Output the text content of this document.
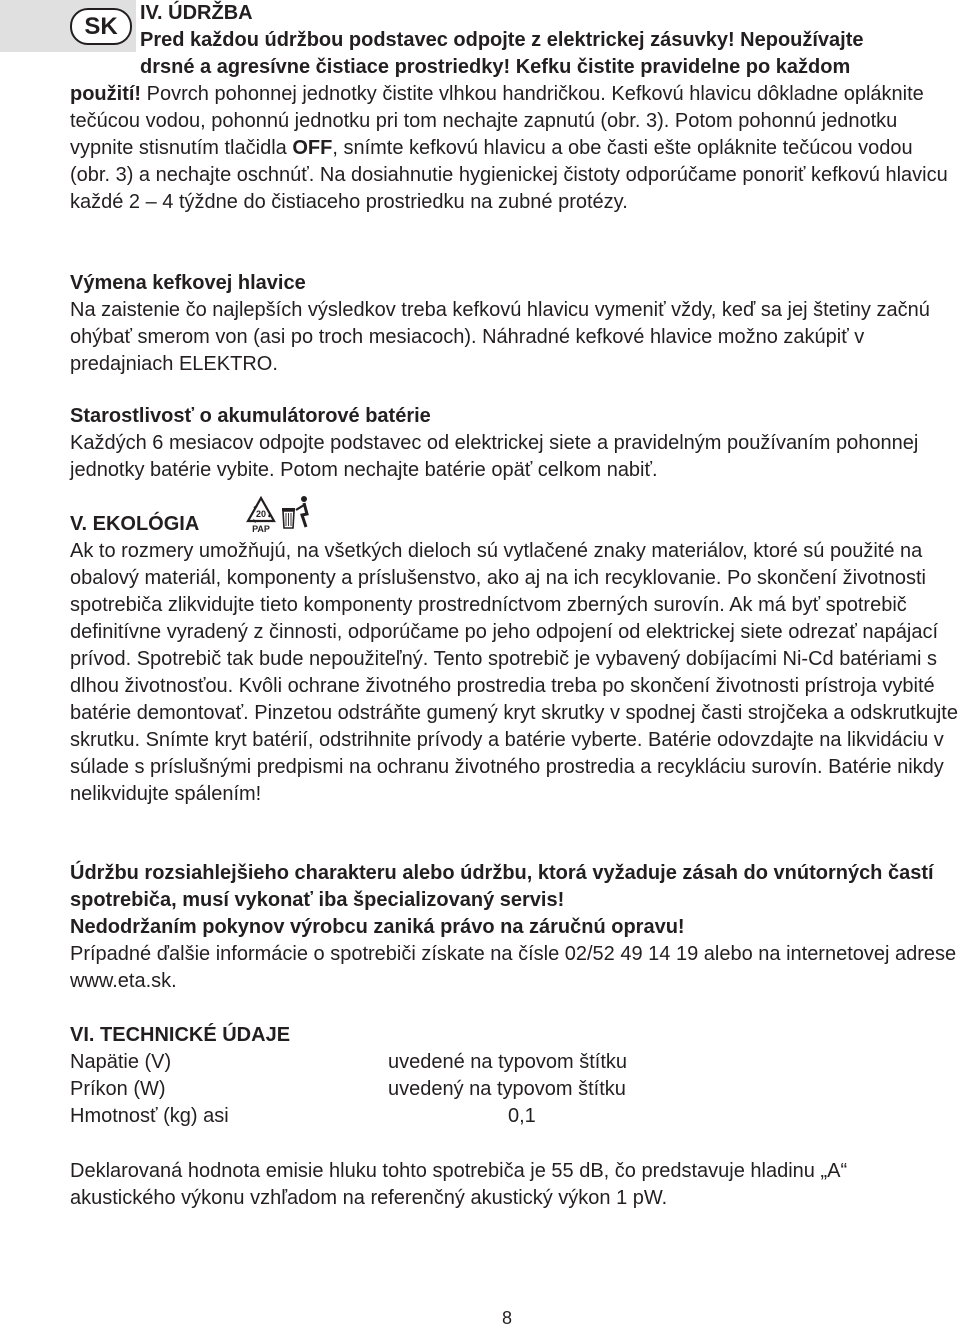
SK	IV. ÚDRŽBA
Pred každou údržbou podstavec odpojte z elektrickej zásuvky! Nepoužívajte
drsné a agresívne čistiace prostriedky! Kefku čistite pravidelne po každom
použití! Povrch pohonnej jednotky čistite vlhkou handričkou. Kefkovú hlavicu dôkladne opláknite tečúcou vodou, pohonnú jednotku pri tom nechajte zapnutú (obr. 3). Potom pohonnú jednotku vypnite stisnutím tlačidla OFF, snímte kefkovú hlavicu a obe časti ešte opláknite tečúcou vodou (obr. 3) a nechajte oschnúť. Na dosiahnutie hygienickej čistoty odporúčame ponoriť kefkovú hlavicu každé 2 – 4 týždne do čistiaceho prostriedku na zubné protézy.

Výmena kefkovej hlavice
Na zaistenie čo najlepších výsledkov treba kefkovú hlavicu vymeniť vždy, keď sa jej štetiny začnú ohýbať smerom von (asi po troch mesiacoch). Náhradné kefkové hlavice možno zakúpiť v predajniach ELEKTRO.

Starostlivosť o akumulátorové batérie
Každých 6 mesiacov odpojte podstavec od elektrickej siete a pravidelným používaním pohonnej jednotky batérie vybite. Potom nechajte batérie opäť celkom nabiť.

V. EKOLÓGIA	20
PAP

Ak to rozmery umožňujú, na všetkých dieloch sú vytlačené znaky materiálov, ktoré sú použité na obalový materiál, komponenty a príslušenstvo, ako aj na ich recyklovanie. Po skončení životnosti spotrebiča zlikvidujte tieto komponenty prostredníctvom zberných surovín. Ak má byť spotrebič definitívne vyradený z činnosti, odporúčame po jeho odpojení od elektrickej siete odrezať napájací prívod. Spotrebič tak bude nepoužiteľný. Tento spotrebič je vybavený dobíjacími Ni-Cd batériami s dlhou životnosťou. Kvôli ochrane životného prostredia treba po skončení životnosti prístroja vybité batérie demontovať. Pinzetou odstráňte gumený kryt skrutky v spodnej časti strojčeka a odskrutkujte skrutku. Snímte kryt batérií, odstrihnite prívody a batérie vyberte. Batérie odovzdajte na likvidáciu v súlade s príslušnými predpismi na ochranu životného prostredia a recykláciu surovín. Batérie nikdy nelikvidujte spálením!

Údržbu rozsiahlejšieho charakteru alebo údržbu, ktorá vyžaduje zásah do vnútorných častí spotrebiča, musí vykonať iba špecializovaný servis!
Nedodržaním pokynov výrobcu zaniká právo na záručnú opravu!
Prípadné ďalšie informácie o spotrebiči získate na čísle 02/52 49 14 19 alebo na internetovej adrese www.eta.sk.

VI. TECHNICKÉ ÚDAJE
Napätie (V)	uvedené na typovom štítku
Príkon (W)	uvedený na typovom štítku
Hmotnosť (kg) asi	0,1

Deklarovaná hodnota emisie hluku tohto spotrebiča je 55 dB, čo predstavuje hladinu „A“ akustického výkonu vzhľadom na referenčný akustický výkon 1 pW.

8
